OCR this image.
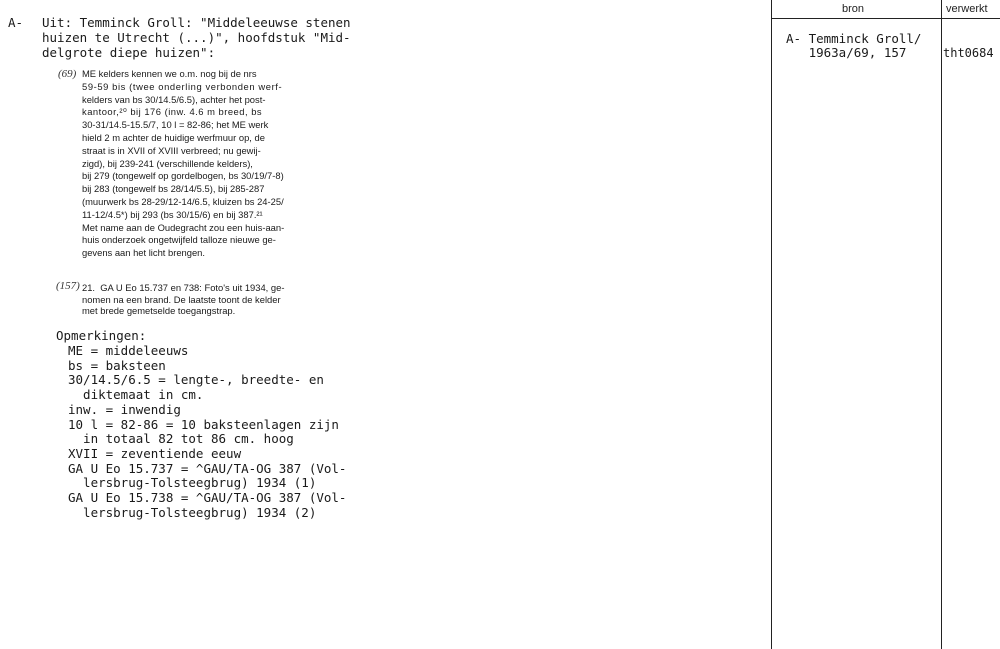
bron	verwerkt
A- Uit: Temminck Groll: "Middeleeuwse stenen
huizen te Utrecht (...)", hoofdstuk "Mid-
delgrote diepe huizen":
(69) ME kelders kennen we o.m. nog bij de nrs
59-59 bis (twee onderling verbonden werf-
kelders van bs 30/14.5/6.5), achter het post-
kantoor,²⁰ bij 176 (inw. 4.6 m breed, bs
30-31/14.5-15.5/7, 10 l = 82-86; het ME werk
hield 2 m achter de huidige werfmuur op, de
straat is in XVII of XVIII verbreed; nu gewij-
zigd), bij 239-241 (verschillende kelders),
bij 279 (tongewelf op gordelbogen, bs 30/19/7-8)
bij 283 (tongewelf bs 28/14/5.5), bij 285-287
(muurwerk bs 28-29/12-14/6.5, kluizen bs 24-25/
11-12/4.5*) bij 293 (bs 30/15/6) en bij 387.²¹
Met name aan de Oudegracht zou een huis-aan-
huis onderzoek ongetwijfeld talloze nieuwe ge-
gevens aan het licht brengen.
(157) 21.  GA U Eo 15.737 en 738: Foto's uit 1934, ge-
nomen na een brand. De laatste toont de kelder
met brede gemetselde toegangstrap.
Opmerkingen:
ME = middeleeuws
bs = baksteen
30/14.5/6.5 = lengte-, breedte- en
diktemaat in cm.
inw. = inwendig
10 l = 82-86 = 10 baksteenlagen zijn
in totaal 82 tot 86 cm. hoog
XVII = zeventiende eeuw
GA U Eo 15.737 = ^GAU/TA-OG 387 (Vol-
lersbrug-Tolsteegbrug) 1934 (1)
GA U Eo 15.738 = ^GAU/TA-OG 387 (Vol-
lersbrug-Tolsteegbrug) 1934 (2)
A- Temminck Groll/
1963a/69, 157	tht0684
